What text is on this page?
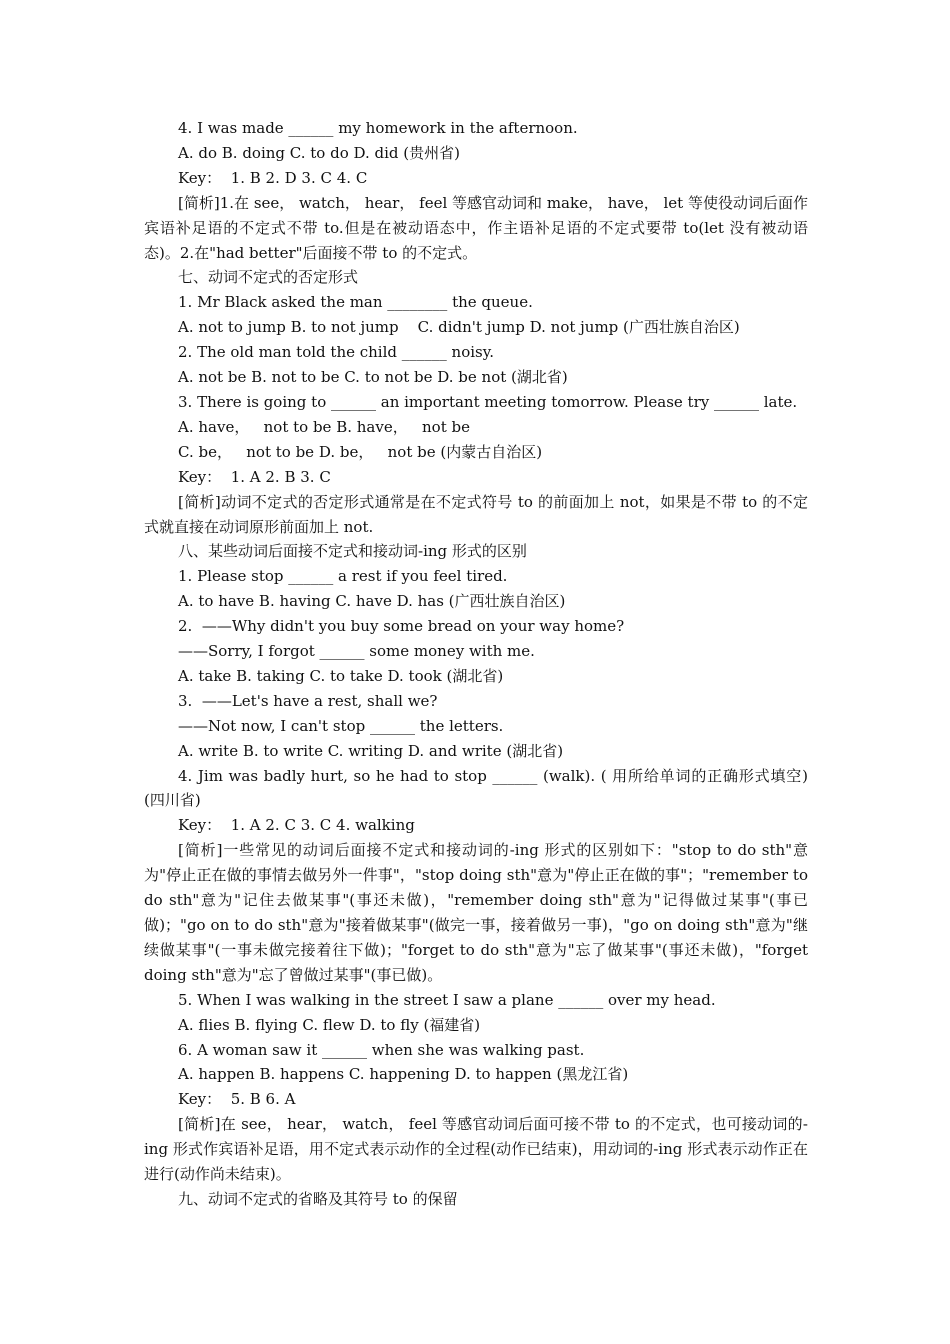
4. I was made ______ my homework in the afternoon.
A. do B. doing C. to do D. did (贵州省)
Key：  1. B 2. D 3. C 4. C

[简析]1.在 see， watch， hear， feel 等感官动词和 make， have， let 等使役动词后面作宾语补足语的不定式不带 to.但是在被动语态中，作主语补足语的不定式要带 to(let 没有被动语态)。2.在"had better"后面接不带 to 的不定式。

七、动词不定式的否定形式
1. Mr Black asked the man ________ the queue.
A. not to jump B. to not jump    C. didn't jump D. not jump (广西壮族自治区)
2. The old man told the child ______ noisy.
A. not be B. not to be C. to not be D. be not (湖北省)
3. There is going to ______ an important meeting tomorrow. Please try ______ late.
A. have，   not to be B. have，   not be
C. be，   not to be D. be，   not be (内蒙古自治区)
Key：  1. A 2. B 3. C

[简析]动词不定式的否定形式通常是在不定式符号 to 的前面加上 not，如果是不带 to 的不定式就直接在动词原形前面加上 not.

八、某些动词后面接不定式和接动词-ing 形式的区别
1. Please stop ______ a rest if you feel tired.
A. to have B. having C. have D. has (广西壮族自治区)
2.  ——Why didn't you buy some bread on your way home?
——Sorry, I forgot ______ some money with me.
A. take B. taking C. to take D. took (湖北省)
3.  ——Let's have a rest, shall we?
——Not now, I can't stop ______ the letters.
A. write B. to write C. writing D. and write (湖北省)

4. Jim was badly hurt, so he had to stop ______ (walk). ( 用所给单词的正确形式填空)(四川省)

Key：  1. A 2. C 3. C 4. walking

[简析]一些常见的动词后面接不定式和接动词的-ing 形式的区别如下："stop to do sth"意为"停止正在做的事情去做另外一件事"，"stop doing sth"意为"停止正在做的事"；"remember to do sth"意为"记住去做某事"(事还未做)，"remember doing sth"意为"记得做过某事"(事已做)；"go on to do sth"意为"接着做某事"(做完一事，接着做另一事)，"go on doing sth"意为"继续做某事"(一事未做完接着往下做)；"forget to do sth"意为"忘了做某事"(事还未做)，"forget doing sth"意为"忘了曾做过某事"(事已做)。

5. When I was walking in the street I saw a plane ______ over my head.
A. flies B. flying C. flew D. to fly (福建省)
6. A woman saw it ______ when she was walking past.
A. happen B. happens C. happening D. to happen (黑龙江省)
Key：  5. B 6. A

[简析]在 see， hear， watch， feel 等感官动词后面可接不带 to 的不定式，也可接动词的-ing 形式作宾语补足语，用不定式表示动作的全过程(动作已结束)，用动词的-ing 形式表示动作正在进行(动作尚未结束)。

九、动词不定式的省略及其符号 to 的保留
